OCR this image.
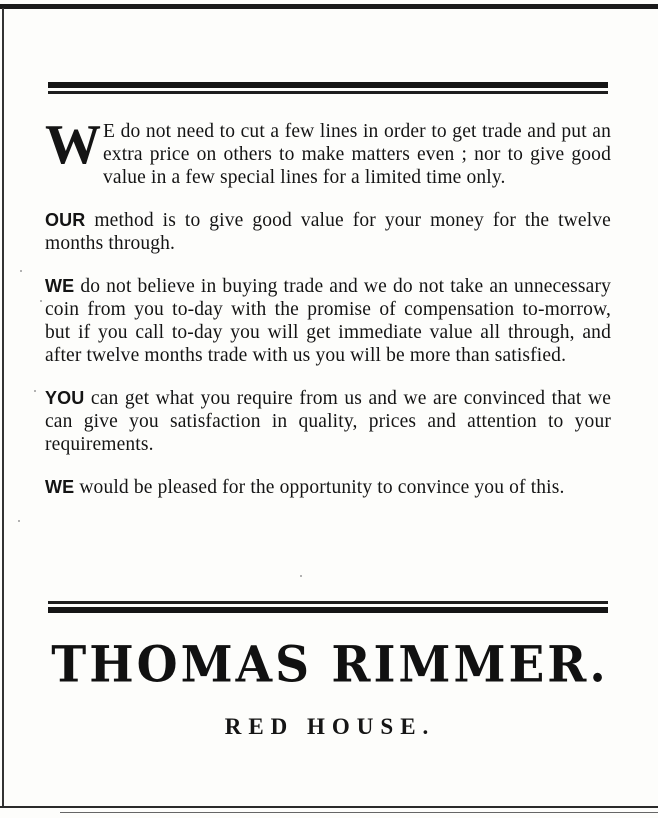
W E do not need to cut a few lines in order to get trade and put an extra price on others to make matters even ; nor to give good value in a few special lines for a limited time only.

OUR method is to give good value for your money for the twelve months through.

WE do not believe in buying trade and we do not take an unnecessary coin from you to-day with the promise of compensation to-morrow, but if you call to-day you will get immediate value all through, and after twelve months trade with us you will be more than satisfied.

YOU can get what you require from us and we are convinced that we can give you satisfaction in quality, prices and attention to your requirements.

WE would be pleased for the opportunity to convince you of this.

THOMAS RIMMER.
RED HOUSE.
